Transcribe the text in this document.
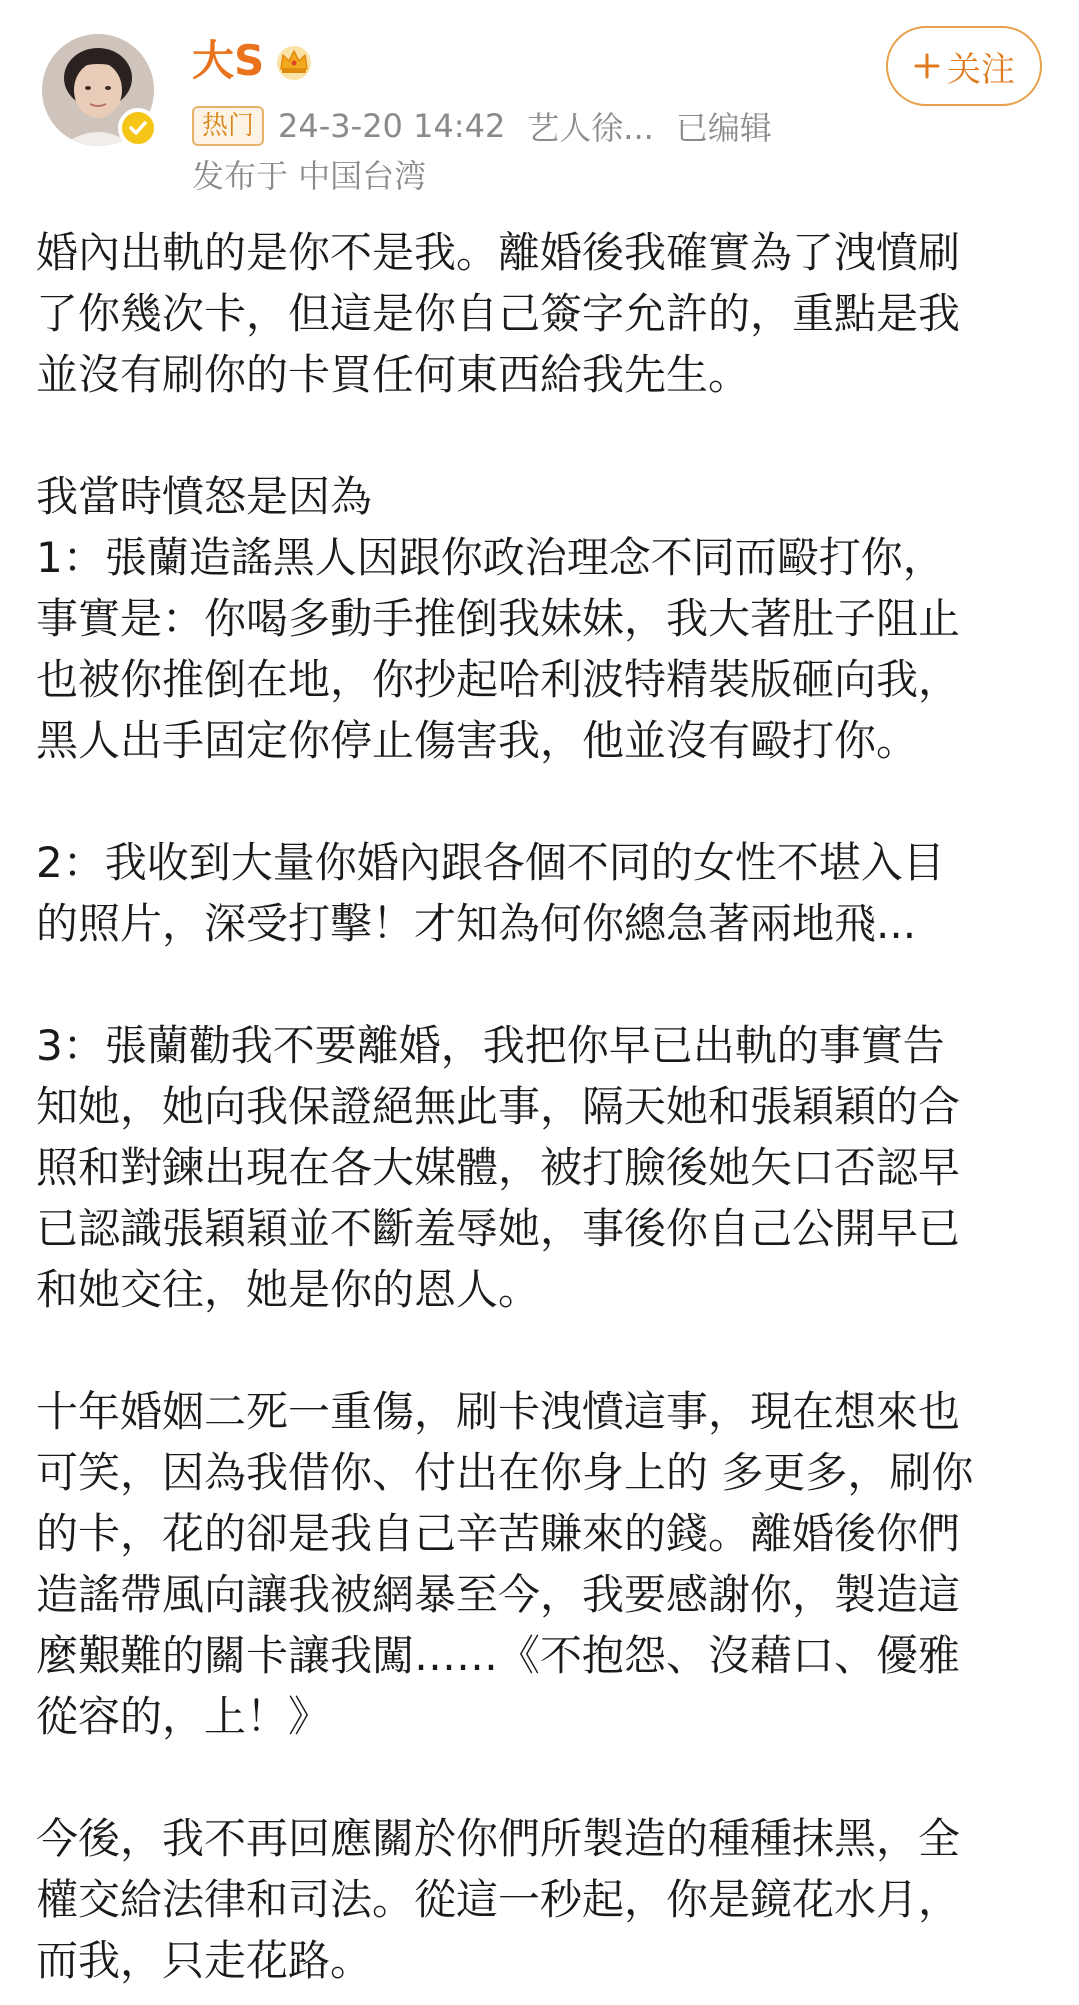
大S
热门 24-3-20 14:42 艺人徐... 已编辑
发布于 中国台湾
关注
婚內出軌的是你不是我。離婚後我確實為了洩憤刷
了你幾次卡，但這是你自己簽字允許的，重點是我
並沒有刷你的卡買任何東西給我先生。
我當時憤怒是因為
1：張蘭造謠黑人因跟你政治理念不同而毆打你，
事實是：你喝多動手推倒我妹妹，我大著肚子阻止
也被你推倒在地，你抄起哈利波特精裝版砸向我，
黑人出手固定你停止傷害我，他並沒有毆打你。
2：我收到大量你婚內跟各個不同的女性不堪入目
的照片，深受打擊！才知為何你總急著兩地飛...
3：張蘭勸我不要離婚，我把你早已出軌的事實告
知她，她向我保證絕無此事，隔天她和張穎穎的合
照和對鍊出現在各大媒體，被打臉後她矢口否認早
已認識張穎穎並不斷羞辱她，事後你自己公開早已
和她交往，她是你的恩人。
十年婚姻二死一重傷，刷卡洩憤這事，現在想來也
可笑，因為我借你、付出在你身上的 多更多，刷你
的卡，花的卻是我自己辛苦賺來的錢。離婚後你們
造謠帶風向讓我被網暴至今，我要感謝你，製造這
麼艱難的關卡讓我闖……《不抱怨、沒藉口、優雅
從容的，上！》
今後，我不再回應關於你們所製造的種種抹黑，全
權交給法律和司法。從這一秒起，你是鏡花水月，
而我，只走花路。
